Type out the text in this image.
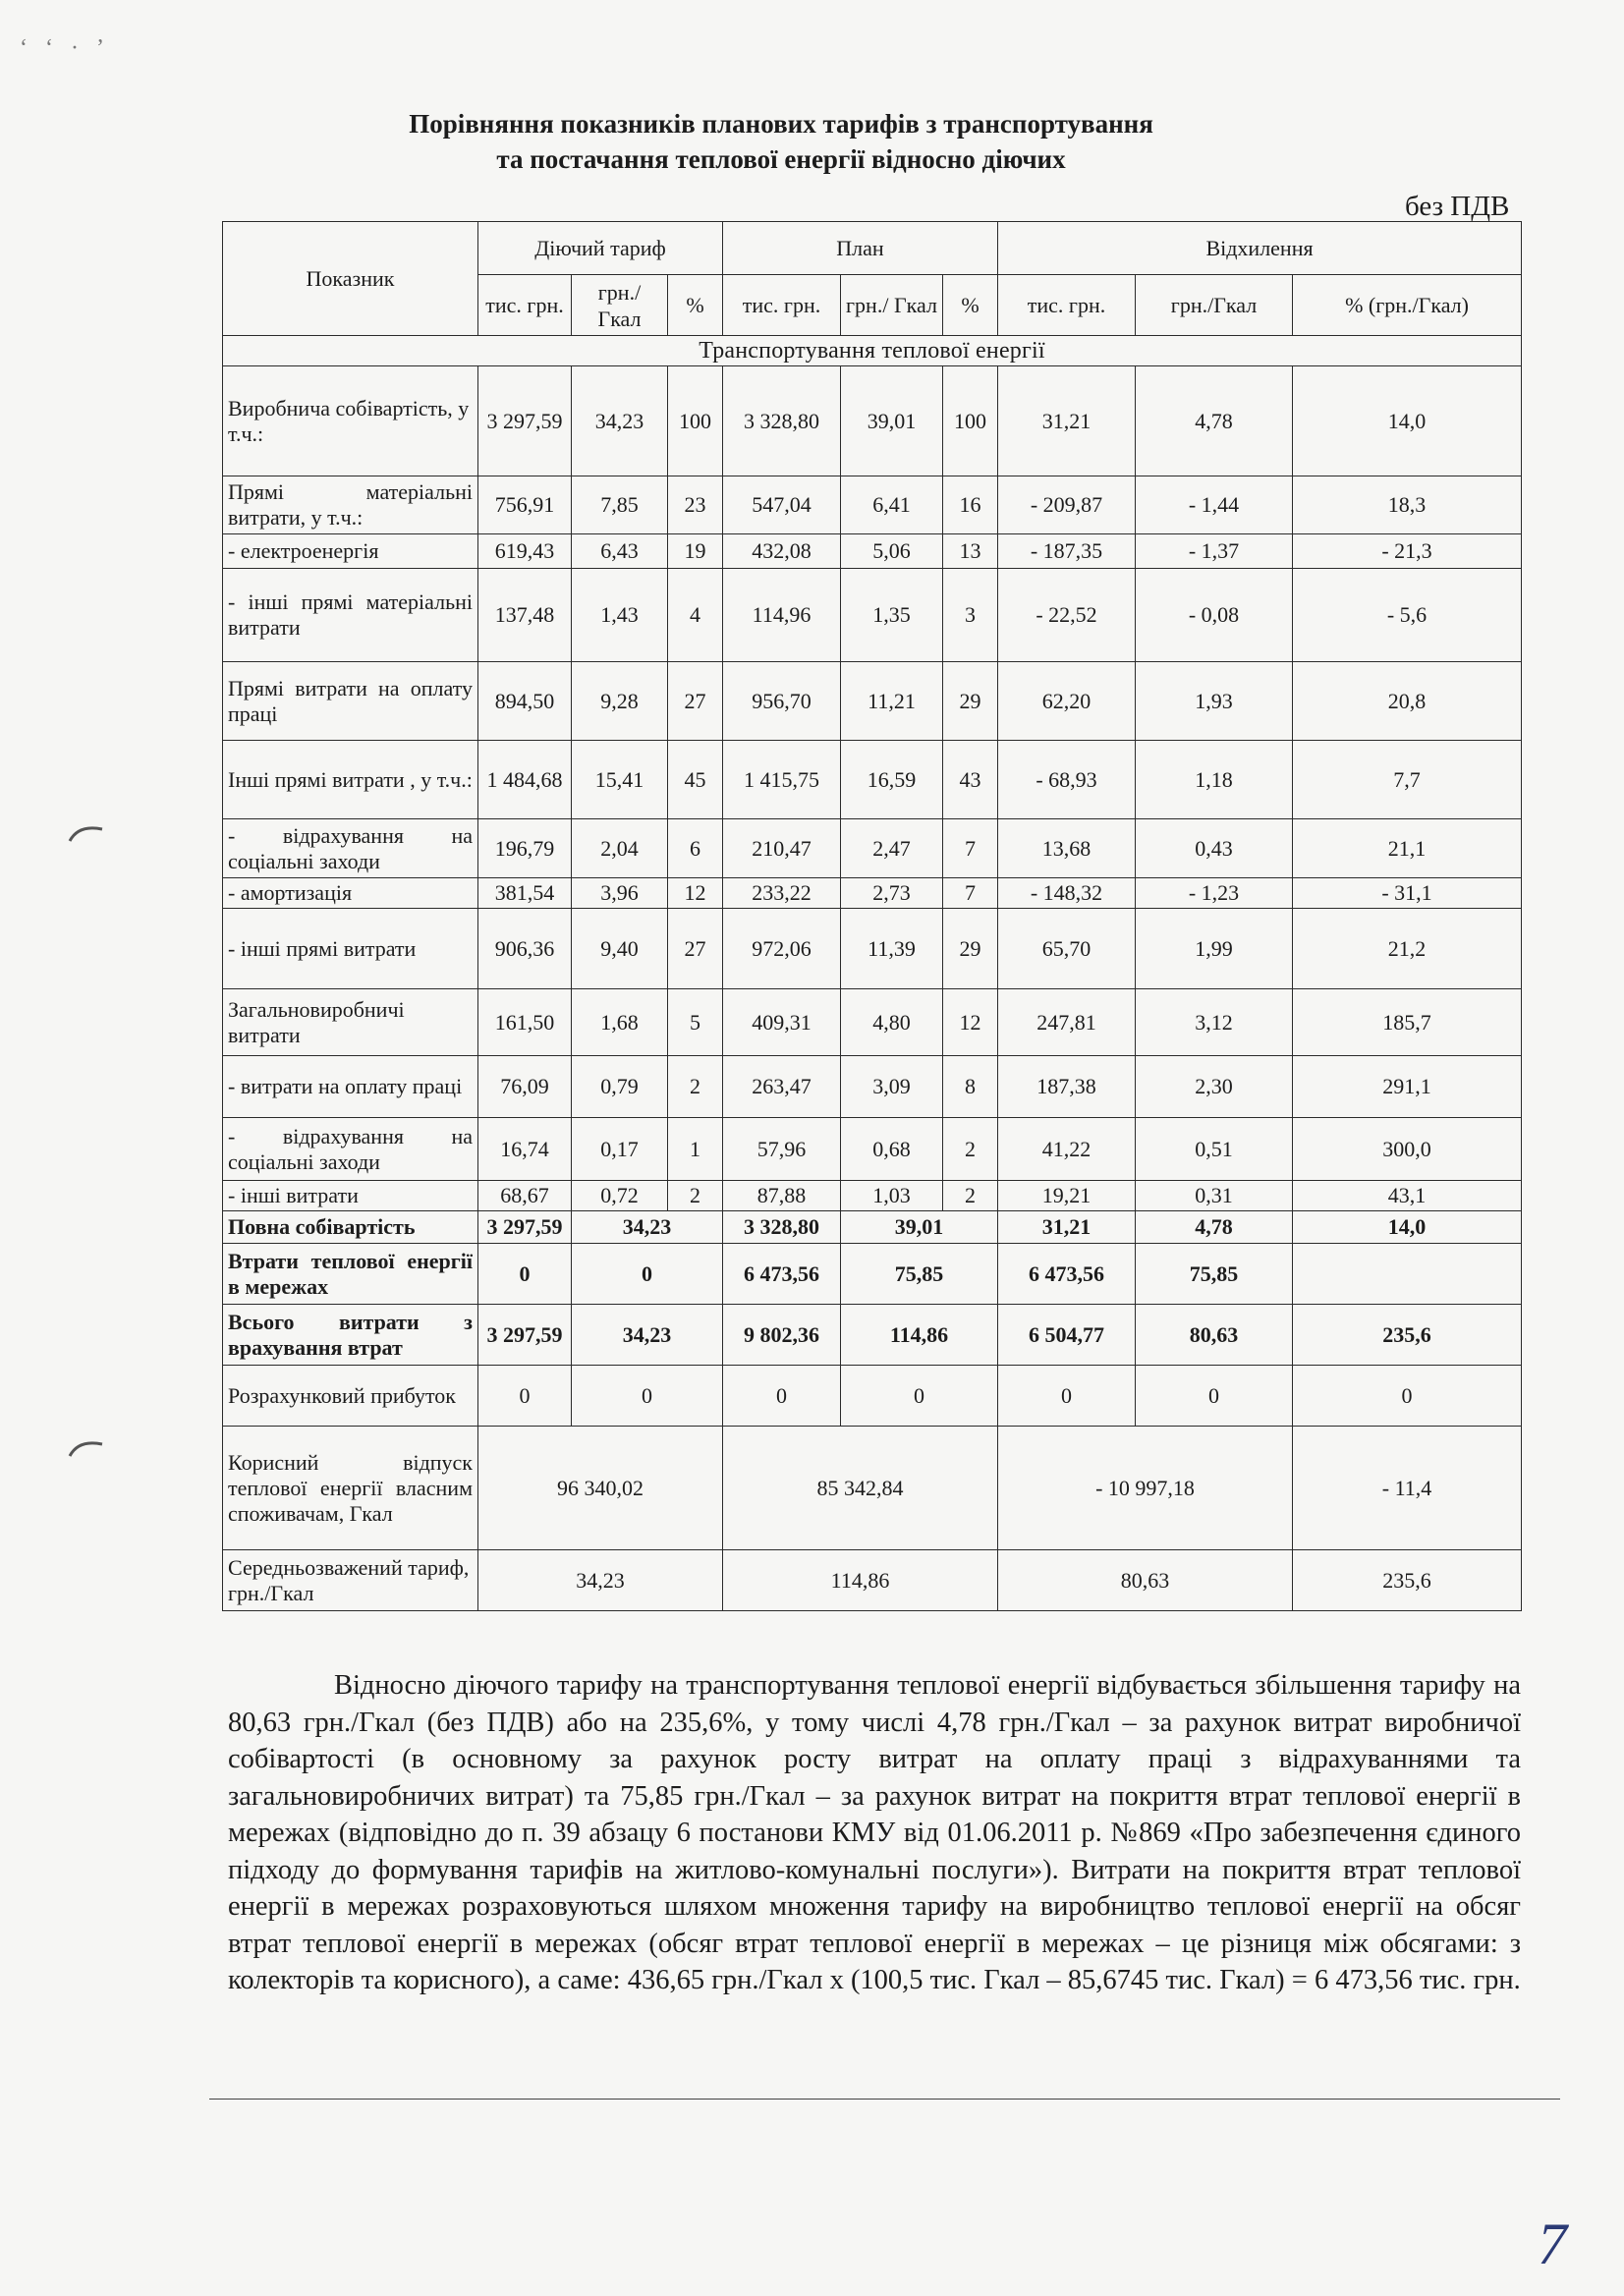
‘ ‘ · ’
Порівняння показників планових тарифів з транспортування
та постачання теплової енергії відносно діючих
без ПДВ
Показник	Діючий тариф			План			Відхилення		
	тис. грн.	грн./ Гкал	%	тис. грн.	грн./ Гкал	%	тис. грн.	грн./Гкал	% (грн./Гкал)
Транспортування теплової енергії									
Виробнича собівартість, у т.ч.:	3 297,59	34,23	100	3 328,80	39,01	100	31,21	4,78	14,0
Прямі матеріальні витрати, у т.ч.:	756,91	7,85	23	547,04	6,41	16	- 209,87	- 1,44	18,3
- електроенергія	619,43	6,43	19	432,08	5,06	13	- 187,35	- 1,37	- 21,3
- інші прямі матеріальні витрати	137,48	1,43	4	114,96	1,35	3	- 22,52	- 0,08	- 5,6
Прямі витрати на оплату праці	894,50	9,28	27	956,70	11,21	29	62,20	1,93	20,8
Інші прямі витрати , у т.ч.:	1 484,68	15,41	45	1 415,75	16,59	43	- 68,93	1,18	7,7
- відрахування на соціальні заходи	196,79	2,04	6	210,47	2,47	7	13,68	0,43	21,1
- амортизація	381,54	3,96	12	233,22	2,73	7	- 148,32	- 1,23	- 31,1
- інші прямі витрати	906,36	9,40	27	972,06	11,39	29	65,70	1,99	21,2
Загальновиробничі витрати	161,50	1,68	5	409,31	4,80	12	247,81	3,12	185,7
- витрати на оплату праці	76,09	0,79	2	263,47	3,09	8	187,38	2,30	291,1
- відрахування на соціальні заходи	16,74	0,17	1	57,96	0,68	2	41,22	0,51	300,0
- інші витрати	68,67	0,72	2	87,88	1,03	2	19,21	0,31	43,1
Повна собівартість	3 297,59	34,23		3 328,80	39,01		31,21	4,78	14,0
Втрати теплової енергії в мережах	0	0		6 473,56	75,85		6 473,56	75,85	
Всього витрати з врахування втрат	3 297,59	34,23		9 802,36	114,86		6 504,77	80,63	235,6
Розрахунковий прибуток	0	0		0	0		0	0	0
Корисний відпуск теплової енергії власним споживачам, Гкал	96 340,02			85 342,84			- 10 997,18		- 11,4
Середньозважений тариф, грн./Гкал	34,23			114,86			80,63		235,6
Відносно діючого тарифу на транспортування теплової енергії відбувається збільшення тарифу на 80,63 грн./Гкал (без ПДВ) або на 235,6%, у тому числі 4,78 грн./Гкал – за рахунок витрат виробничої собівартості (в основному за рахунок росту витрат на оплату праці з відрахуваннями та загальновиробничих витрат) та 75,85 грн./Гкал – за рахунок витрат на покриття втрат теплової енергії в мережах (відповідно до п. 39 абзацу 6 постанови КМУ від 01.06.2011 р. №869 «Про забезпечення єдиного підходу до формування тарифів на житлово-комунальні послуги»). Витрати на покриття втрат теплової енергії в мережах розраховуються шляхом множення тарифу на виробництво теплової енергії на обсяг втрат теплової енергії в мережах (обсяг втрат теплової енергії в мережах – це різниця між обсягами: з колекторів та корисного), а саме: 436,65 грн./Гкал х (100,5 тис. Гкал – 85,6745 тис. Гкал) = 6 473,56 тис. грн.
7
